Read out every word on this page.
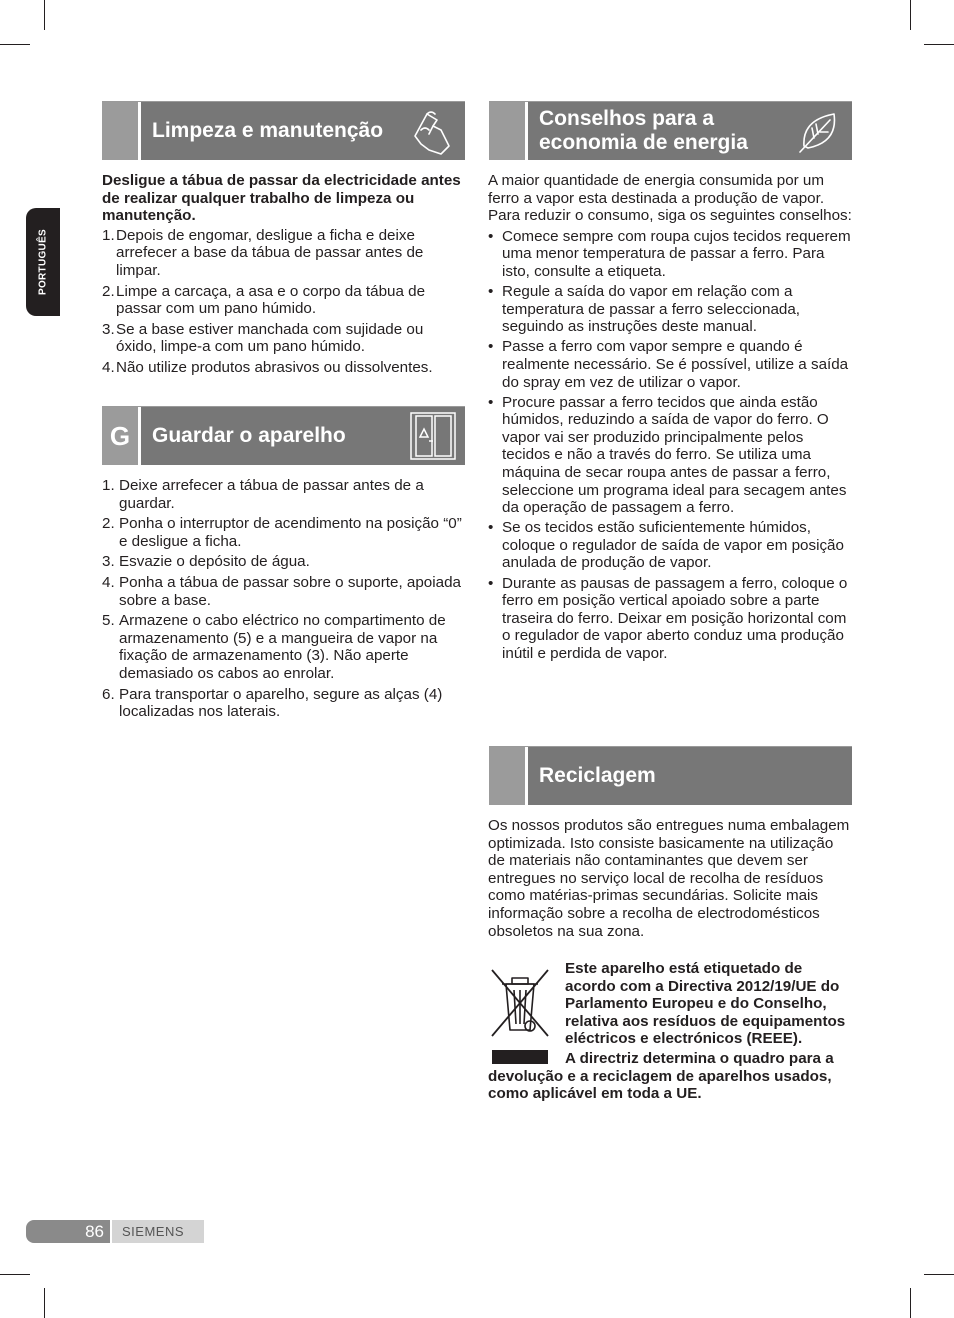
PORTUGUÊS
Limpeza e manutenção

Desligue a tábua de passar da electricidade antes de realizar qualquer trabalho de limpeza ou manutenção.

1. Depois de engomar, desligue a ficha e deixe arrefecer a base da tábua de passar antes de limpar.
2. Limpe a carcaça, a asa e o corpo da tábua de passar com um pano húmido.
3. Se a base estiver manchada com sujidade ou óxido, limpe-a com um pano húmido.
4. Não utilize produtos abrasivos ou dissolventes.
G	Guardar o aparelho
1. Deixe arrefecer a tábua de passar antes de a guardar.
2. Ponha o interruptor de acendimento na posição “0” e desligue a ficha.
3. Esvazie o depósito de água.
4. Ponha a tábua de passar sobre o suporte, apoiada sobre a base.
5. Armazene o cabo eléctrico no compartimento de armazenamento (5) e a mangueira de vapor na fixação de armazenamento (3). Não aperte demasiado os cabos ao enrolar.
6. Para transportar o aparelho, segure as alças (4) localizadas nos laterais.
Conselhos para a economia de energia

A maior quantidade de energia consumida por um ferro a vapor esta destinada a produção de vapor. Para reduzir o consumo, siga os seguintes conselhos:

• Comece sempre com roupa cujos tecidos requerem uma menor temperatura de passar a ferro. Para isto, consulte a etiqueta.
• Regule a saída do vapor em relação com a temperatura de passar a ferro seleccionada, seguindo as instruções deste manual.
• Passe a ferro com vapor sempre e quando é realmente necessário. Se é possível, utilize a saída do spray em vez de utilizar o vapor.
• Procure passar a ferro tecidos que ainda estão húmidos, reduzindo a saída de vapor do ferro. O vapor vai ser produzido principalmente pelos tecidos e não a través do ferro. Se utiliza uma máquina de secar roupa antes de passar a ferro, seleccione um programa ideal para secagem antes da operação de passagem a ferro.
• Se os tecidos estão suficientemente húmidos, coloque o regulador de saída de vapor em posição anulada de produção de vapor.
• Durante as pausas de passagem a ferro, coloque o ferro em posição vertical apoiado sobre a parte traseira do ferro. Deixar em posição horizontal com o regulador de vapor aberto conduz uma produção inútil e perdida de vapor.
Reciclagem

Os nossos produtos são entregues numa embalagem optimizada. Isto consiste basicamente na utilização de materiais não contaminantes que devem ser entregues no serviço local de recolha de resíduos como matérias-primas secundárias. Solicite mais informação sobre a recolha de electrodomésticos obsoletos na sua zona.

Este aparelho está etiquetado de acordo com a Directiva 2012/19/UE do Parlamento Europeu e do Conselho, relativa aos resíduos de equipamentos eléctricos e electrónicos (REEE).

A directriz determina o quadro para a devolução e a reciclagem de aparelhos usados, como aplicável em toda a UE.

86 SIEMENS
